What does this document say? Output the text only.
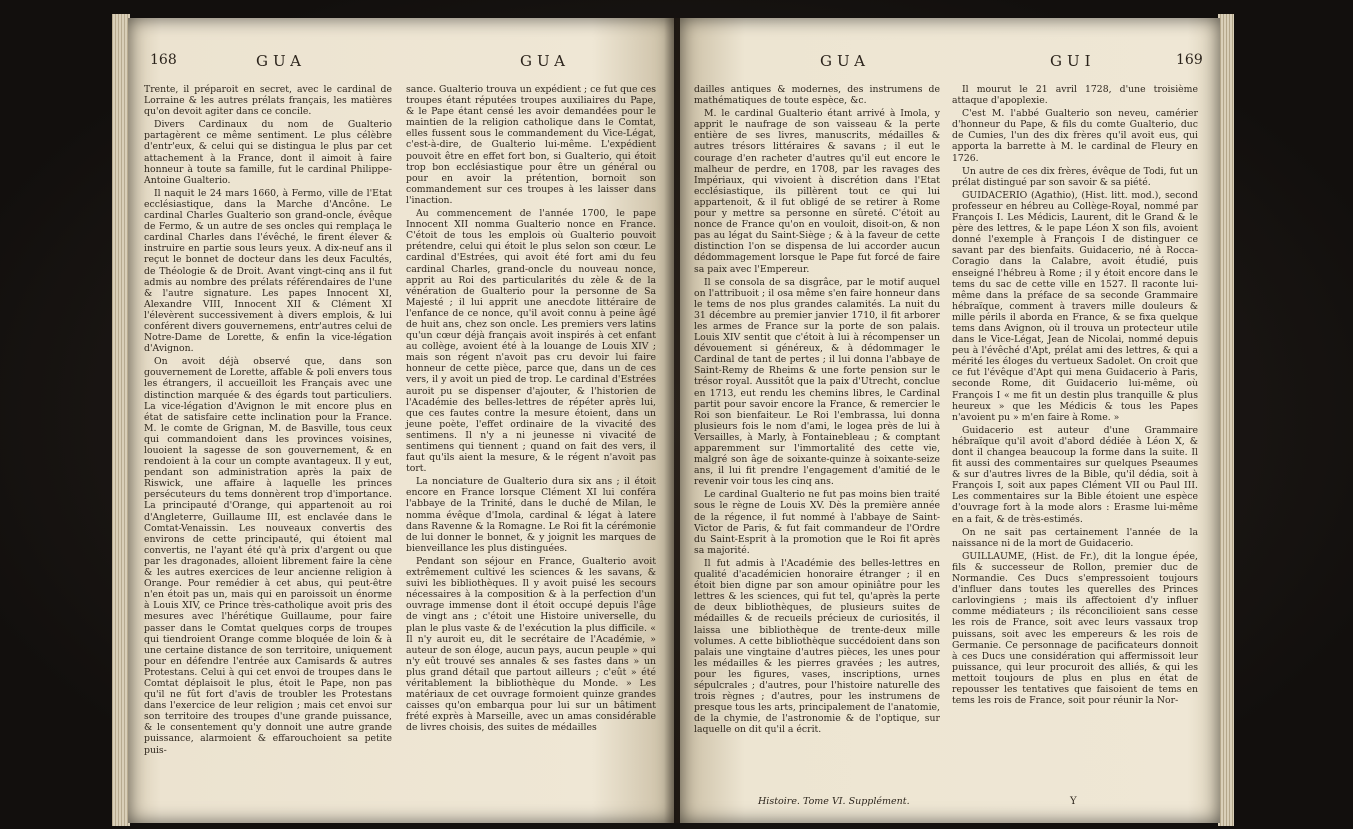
168	GUA	GUA

Trente, il préparoit en secret, avec le cardinal de Lorraine & les autres prélats français, les matières qu'on devoit agiter dans ce concile.

Divers Cardinaux du nom de Gualterio partagèrent ce même sentiment. Le plus célèbre d'entr'eux, & celui qui se distingua le plus par cet attachement à la France, dont il aimoit à faire honneur à toute sa famille, fut le cardinal Philippe-Antoine Gualterio.

Il naquit le 24 mars 1660, à Fermo, ville de l'Etat ecclésiastique, dans la Marche d'Ancône. Le cardinal Charles Gualterio son grand-oncle, évêque de Fermo, & un autre de ses oncles qui remplaça le cardinal Charles dans l'évêché, le firent élever & instruire en partie sous leurs yeux. A dix-neuf ans il reçut le bonnet de docteur dans les deux Facultés, de Théologie & de Droit. Avant vingt-cinq ans il fut admis au nombre des prélats référendaires de l'une & l'autre signature. Les papes Innocent XI, Alexandre VIII, Innocent XII & Clément XI l'élevèrent successivement à divers emplois, & lui conférent divers gouvernemens, entr'autres celui de Notre-Dame de Lorette, & enfin la vice-légation d'Avignon.

On avoit déjà observé que, dans son gouvernement de Lorette, affable & poli envers tous les étrangers, il accueilloit les Français avec une distinction marquée & des égards tout particuliers. La vice-légation d'Avignon le mit encore plus en état de satisfaire cette inclination pour la France. M. le comte de Grignan, M. de Basville, tous ceux qui commandoient dans les provinces voisines, louoient la sagesse de son gouvernement, & en rendoient à la cour un compte avantageux. Il y eut, pendant son administration après la paix de Riswick, une affaire à laquelle les princes persécuteurs du tems donnèrent trop d'importance. La principauté d'Orange, qui appartenoit au roi d'Angleterre, Guillaume III, est enclavée dans le Comtat-Venaissin. Les nouveaux convertis des environs de cette principauté, qui étoient mal convertis, ne l'ayant été qu'à prix d'argent ou que par les dragonades, alloient librement faire la cène & les autres exercices de leur ancienne religion à Orange. Pour remédier à cet abus, qui peut-être n'en étoit pas un, mais qui en paroissoit un énorme à Louis XIV, ce Prince très-catholique avoit pris des mesures avec l'hérétique Guillaume, pour faire passer dans le Comtat quelques corps de troupes qui tiendroient Orange comme bloquée de loin & à une certaine distance de son territoire, uniquement pour en défendre l'entrée aux Camisards & autres Protestans. Celui à qui cet envoi de troupes dans le Comtat déplaisoit le plus, étoit le Pape, non pas qu'il ne fût fort d'avis de troubler les Protestans dans l'exercice de leur religion ; mais cet envoi sur son territoire des troupes d'une grande puissance, & le consentement qu'y donnoit une autre grande puissance, alarmoient & effarouchoient sa petite puis-

sance. Gualterio trouva un expédient ; ce fut que ces troupes étant réputées troupes auxiliaires du Pape, & le Pape étant censé les avoir demandées pour le maintien de la religion catholique dans le Comtat, elles fussent sous le commandement du Vice-Légat, c'est-à-dire, de Gualterio lui-même. L'expédient pouvoit être en effet fort bon, si Gualterio, qui étoit trop bon ecclésiastique pour être un général ou pour en avoir la prétention, bornoit son commandement sur ces troupes à les laisser dans l'inaction.

Au commencement de l'année 1700, le pape Innocent XII nomma Gualterio nonce en France. C'étoit de tous les emplois où Gualterio pouvoit prétendre, celui qui étoit le plus selon son cœur. Le cardinal d'Estrées, qui avoit été fort ami du feu cardinal Charles, grand-oncle du nouveau nonce, apprit au Roi des particularités du zèle & de la vénération de Gualterio pour la personne de Sa Majesté ; il lui apprit une anecdote littéraire de l'enfance de ce nonce, qu'il avoit connu à peine âgé de huit ans, chez son oncle. Les premiers vers latins qu'un cœur déjà français avoit inspirés à cet enfant au collège, avoient été à la louange de Louis XIV ; mais son régent n'avoit pas cru devoir lui faire honneur de cette pièce, parce que, dans un de ces vers, il y avoit un pied de trop. Le cardinal d'Estrées auroit pu se dispenser d'ajouter, & l'historien de l'Académie des belles-lettres de répéter après lui, que ces fautes contre la mesure étoient, dans un jeune poète, l'effet ordinaire de la vivacité des sentimens. Il n'y a ni jeunesse ni vivacité de sentimens qui tiennent ; quand on fait des vers, il faut qu'ils aient la mesure, & le régent n'avoit pas tort.

La nonciature de Gualterio dura six ans ; il étoit encore en France lorsque Clément XI lui conféra l'abbaye de la Trinité, dans le duché de Milan, le nomma évêque d'Imola, cardinal & légat à latere dans Ravenne & la Romagne. Le Roi fit la cérémonie de lui donner le bonnet, & y joignit les marques de bienveillance les plus distinguées.

Pendant son séjour en France, Gualterio avoit extrêmement cultivé les sciences & les savans, & suivi les bibliothèques. Il y avoit puisé les secours nécessaires à la composition & à la perfection d'un ouvrage immense dont il étoit occupé depuis l'âge de vingt ans ; c'étoit une Histoire universelle, du plan le plus vaste & de l'exécution la plus difficile. « Il n'y auroit eu, dit le secrétaire de l'Académie, » auteur de son éloge, aucun pays, aucun peuple » qui n'y eût trouvé ses annales & ses fastes dans » un plus grand détail que partout ailleurs ; c'eût » été véritablement la bibliothèque du Monde. » Les matériaux de cet ouvrage formoient quinze grandes caisses qu'on embarqua pour lui sur un bâtiment frété exprès à Marseille, avec un amas considérable de livres choisis, des suites de médailles

GUA	GUI	169

dailles antiques & modernes, des instrumens de mathématiques de toute espèce, &c.

M. le cardinal Gualterio étant arrivé à Imola, y apprit le naufrage de son vaisseau & la perte entière de ses livres, manuscrits, médailles & autres trésors littéraires & savans ; il eut le courage d'en racheter d'autres qu'il eut encore le malheur de perdre, en 1708, par les ravages des Impériaux, qui vivoient à discrétion dans l'Etat ecclésiastique, ils pillèrent tout ce qui lui appartenoit, & il fut obligé de se retirer à Rome pour y mettre sa personne en sûreté. C'étoit au nonce de France qu'on en vouloit, disoit-on, & non pas au légat du Saint-Siège ; & à la faveur de cette distinction l'on se dispensa de lui accorder aucun dédommagement lorsque le Pape fut forcé de faire sa paix avec l'Empereur.

Il se consola de sa disgrâce, par le motif auquel on l'attribuoit ; il osa même s'en faire honneur dans le tems de nos plus grandes calamités. La nuit du 31 décembre au premier janvier 1710, il fit arborer les armes de France sur la porte de son palais. Louis XIV sentit que c'étoit à lui à récompenser un dévouement si généreux, & à dédommager le Cardinal de tant de pertes ; il lui donna l'abbaye de Saint-Remy de Rheims & une forte pension sur le trésor royal. Aussitôt que la paix d'Utrecht, conclue en 1713, eut rendu les chemins libres, le Cardinal partit pour savoir encore la France, & remercier le Roi son bienfaiteur. Le Roi l'embrassa, lui donna plusieurs fois le nom d'ami, le logea près de lui à Versailles, à Marly, à Fontainebleau ; & comptant apparemment sur l'immortalité des cette vie, malgré son âge de soixante-quinze à soixante-seize ans, il lui fit prendre l'engagement d'amitié de le revenir voir tous les cinq ans.

Le cardinal Gualterio ne fut pas moins bien traité sous le règne de Louis XV. Dès la première année de la régence, il fut nommé à l'abbaye de Saint-Victor de Paris, & fut fait commandeur de l'Ordre du Saint-Esprit à la promotion que le Roi fit après sa majorité.

Il fut admis à l'Académie des belles-lettres en qualité d'académicien honoraire étranger ; il en étoit bien digne par son amour opiniâtre pour les lettres & les sciences, qui fut tel, qu'après la perte de deux bibliothèques, de plusieurs suites de médailles & de recueils précieux de curiosités, il laissa une bibliothèque de trente-deux mille volumes. A cette bibliothèque succédoient dans son palais une vingtaine d'autres pièces, les unes pour les médailles & les pierres gravées ; les autres, pour les figures, vases, inscriptions, urnes sépulcrales ; d'autres, pour l'histoire naturelle des trois règnes ; d'autres, pour les instrumens de presque tous les arts, principalement de l'anatomie, de la chymie, de l'astronomie & de l'optique, sur laquelle on dit qu'il a écrit.

Il mourut le 21 avril 1728, d'une troisième attaque d'apoplexie.

C'est M. l'abbé Gualterio son neveu, camérier d'honneur du Pape, & fils du comte Gualterio, duc de Cumies, l'un des dix frères qu'il avoit eus, qui apporta la barrette à M. le cardinal de Fleury en 1726.

Un autre de ces dix frères, évêque de Todi, fut un prélat distingué par son savoir & sa piété.

GUIDACERIO (Agathio), (Hist. litt. mod.), second professeur en hébreu au Collège-Royal, nommé par François I. Les Médicis, Laurent, dit le Grand & le père des lettres, & le pape Léon X son fils, avoient donné l'exemple à François I de distinguer ce savant par des bienfaits. Guidacerio, né à Rocca-Coragio dans la Calabre, avoit étudié, puis enseigné l'hébreu à Rome ; il y étoit encore dans le tems du sac de cette ville en 1527. Il raconte lui-même dans la préface de sa seconde Grammaire hébraïque, comment à travers mille douleurs & mille périls il aborda en France, & se fixa quelque tems dans Avignon, où il trouva un protecteur utile dans le Vice-Légat, Jean de Nicolai, nommé depuis peu à l'évêché d'Apt, prélat ami des lettres, & qui a mérité les éloges du vertueux Sadolet. On croit que ce fut l'évêque d'Apt qui mena Guidacerio à Paris, seconde Rome, dit Guidacerio lui-même, où François I « me fit un destin plus tranquille & plus heureux » que les Médicis & tous les Papes n'avoient pu » m'en faire à Rome. »

Guidacerio est auteur d'une Grammaire hébraïque qu'il avoit d'abord dédiée à Léon X, & dont il changea beaucoup la forme dans la suite. Il fit aussi des commentaires sur quelques Pseaumes & sur d'autres livres de la Bible, qu'il dédia, soit à François I, soit aux papes Clément VII ou Paul III. Les commentaires sur la Bible étoient une espèce d'ouvrage fort à la mode alors : Erasme lui-même en a fait, & de très-estimés.

On ne sait pas certainement l'année de la naissance ni de la mort de Guidacerio.

GUILLAUME, (Hist. de Fr.), dit la longue épée, fils & successeur de Rollon, premier duc de Normandie. Ces Ducs s'empressoient toujours d'influer dans toutes les querelles des Princes carlovingiens ; mais ils affectoient d'y influer comme médiateurs ; ils réconcilioient sans cesse les rois de France, soit avec leurs vassaux trop puissans, soit avec les empereurs & les rois de Germanie. Ce personnage de pacificateurs donnoit à ces Ducs une considération qui affermissoit leur puissance, qui leur procuroit des alliés, & qui les mettoit toujours de plus en plus en état de repousser les tentatives que faisoient de tems en tems les rois de France, soit pour réunir la Nor-

Histoire. Tome VI. Supplément.	Y
